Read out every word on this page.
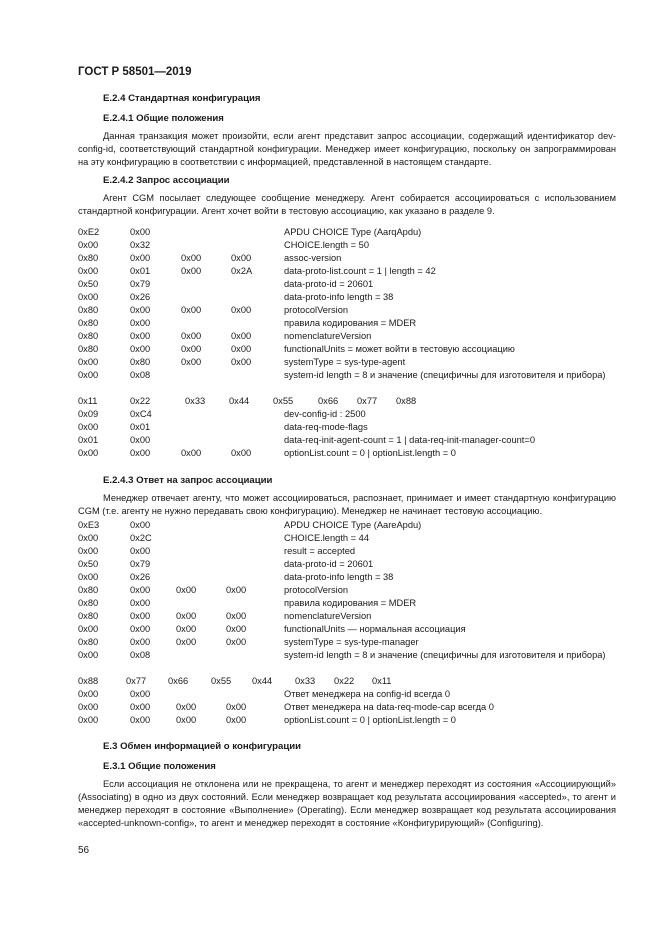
ГОСТ Р 58501—2019
Е.2.4 Стандартная конфигурация
Е.2.4.1 Общие положения
Данная транзакция может произойти, если агент представит запрос ассоциации, содержащий идентификатор dev-config-id, соответствующий стандартной конфигурации. Менеджер имеет конфигурацию, поскольку он запрограммирован на эту конфигурацию в соответствии с информацией, представленной в настоящем стандарте.
Е.2.4.2 Запрос ассоциации
Агент CGM посылает следующее сообщение менеджеру. Агент собирается ассоциироваться с использованием стандартной конфигурации. Агент хочет войти в тестовую ассоциацию, как указано в разделе 9.
0xE2	0x00	APDU CHOICE Type (AarqApdu)
0x00	0x32	CHOICE.length = 50
0x80	0x00	0x00	0x00	assoc-version
0x00	0x01	0x00	0x2A	data-proto-list.count = 1 | length = 42
0x50	0x79	data-proto-id = 20601
0x00	0x26	data-proto-info length = 38
0x80	0x00	0x00	0x00	protocolVersion
0x80	0x00	правила кодирования = MDER
0x80	0x00	0x00	0x00	nomenclatureVersion
0x80	0x00	0x00	0x00	functionalUnits = может войти в тестовую ассоциацию
0x00	0x80	0x00	0x00	systemType = sys-type-agent
0x00	0x08	system-id length = 8 и значение (специфичны для изготовителя и прибора)
0x11	0x22	0x33	0x44	0x55	0x66 0x77 0x88
0x09	0xC4	dev-config-id : 2500
0x00	0x01	data-req-mode-flags
0x01	0x00	data-req-init-agent-count = 1 | data-req-init-manager-count=0
0x00	0x00	0x00	0x00	optionList.count = 0 | optionList.length = 0
Е.2.4.3 Ответ на запрос ассоциации
Менеджер отвечает агенту, что может ассоциироваться, распознает, принимает и имеет стандартную конфигурацию CGM (т.е. агенту не нужно передавать свою конфигурацию). Менеджер не начинает тестовую ассоциацию.
0xE3	0x00	APDU CHOICE Type (AareApdu)
0x00	0x2C	CHOICE.length = 44
0x00	0x00	result = accepted
0x50	0x79	data-proto-id = 20601
0x00	0x26	data-proto-info length = 38
0x80	0x00	0x00	0x00	protocolVersion
0x80	0x00	правила кодирования = MDER
0x80	0x00	0x00	0x00	nomenclatureVersion
0x00	0x00	0x00	0x00	functionalUnits — нормальная ассоциация
0x80	0x00	0x00	0x00	systemType = sys-type-manager
0x00	0x08	system-id length = 8 и значение (специфичны для изготовителя и прибора)
0x88	0x77 0x66 0x55 0x44 0x33 0x22 0x11
0x00	0x00	Ответ менеджера на config-id всегда 0
0x00	0x00	0x00	0x00	Ответ менеджера на data-req-mode-cap всегда 0
0x00	0x00	0x00	0x00	optionList.count = 0 | optionList.length = 0
Е.3 Обмен информацией о конфигурации
Е.3.1 Общие положения
Если ассоциация не отклонена или не прекращена, то агент и менеджер переходят из состояния «Ассоциирующий» (Associating) в одно из двух состояний. Если менеджер возвращает код результата ассоциирования «accepted», то агент и менеджер переходят в состояние «Выполнение» (Operating). Если менеджер возвращает код результата ассоциирования «accepted-unknown-config», то агент и менеджер переходят в состояние «Конфигурирующий» (Configuring).
56
